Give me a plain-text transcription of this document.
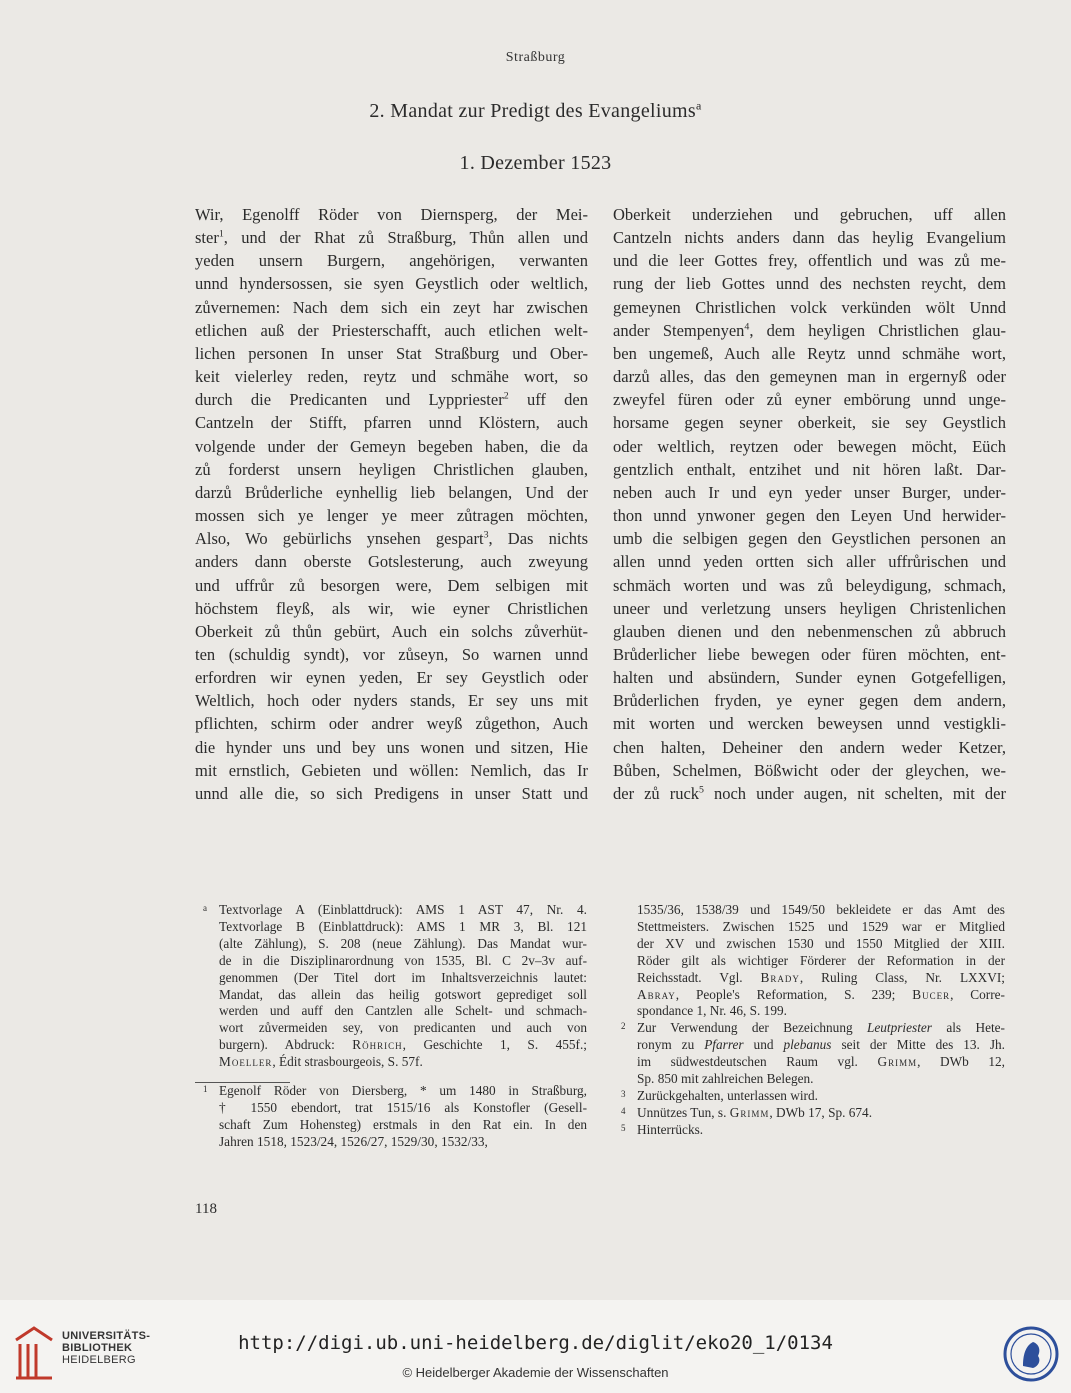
Straßburg
2. Mandat zur Predigt des Evangeliums$^a$
1. Dezember 1523
Wir, Egenolff Röder von Diernsperg, der Mei-
ster$^1$, und der Rhat zů Straßburg, Thůn allen und
yeden unsern Burgern, angehörigen, verwanten
unnd hyndersossen, sie syen Geystlich oder weltlich,
zůvernemen: Nach dem sich ein zeyt har zwischen
etlichen auß der Priesterschafft, auch etlichen welt-
lichen personen In unser Stat Straßburg und Ober-
keit vielerley reden, reytz und schmähe wort, so
durch die Predicanten und Lyppriester$^2$ uff den
Cantzeln der Stifft, pfarren unnd Klöstern, auch
volgende under der Gemeyn begeben haben, die da
zů forderst unsern heyligen Christlichen glauben,
darzů Brůderliche eynhellig lieb belangen, Und der
mossen sich ye lenger ye meer zůtragen möchten,
Also, Wo gebürlichs ynsehen gespart$^3$, Das nichts
anders dann oberste Gotslesterung, auch zweyung
und uffrůr zů besorgen were, Dem selbigen mit
höchstem fleyß, als wir, wie eyner Christlichen
Oberkeit zů thůn gebürt, Auch ein solchs zůverhüt-
ten (schuldig syndt), vor zůseyn, So warnen unnd
erfordren wir eynen yeden, Er sey Geystlich oder
Weltlich, hoch oder nyders stands, Er sey uns mit
pflichten, schirm oder andrer weyß zůgethon, Auch
die hynder uns und bey uns wonen und sitzen, Hie
mit ernstlich, Gebieten und wöllen: Nemlich, das Ir
unnd alle die, so sich Predigens in unser Statt und
Oberkeit underziehen und gebruchen, uff allen
Cantzeln nichts anders dann das heylig Evangelium
und die leer Gottes frey, offentlich und was zů me-
rung der lieb Gottes unnd des nechsten reycht, dem
gemeynen Christlichen volck verkünden wölt Unnd
ander Stempenyen$^4$, dem heyligen Christlichen glau-
ben ungemeß, Auch alle Reytz unnd schmähe wort,
darzů alles, das den gemeynen man in ergernyß oder
zweyfel füren oder zů eyner embörung unnd unge-
horsame gegen seyner oberkeit, sie sey Geystlich
oder weltlich, reytzen oder bewegen möcht, Eüch
gentzlich enthalt, entzihet und nit hören laßt. Dar-
neben auch Ir und eyn yeder unser Burger, under-
thon unnd ynwoner gegen den Leyen Und herwider-
umb die selbigen gegen den Geystlichen personen an
allen unnd yeden ortten sich aller uffrůrischen und
schmäch worten und was zů beleydigung, schmach,
uneer und verletzung unsers heyligen Christenlichen
glauben dienen und den nebenmenschen zů abbruch
Brůderlicher liebe bewegen oder füren möchten, ent-
halten und absündern, Sunder eynen Gotgefelligen,
Brůderlichen fryden, ye eyner gegen dem andern,
mit worten und wercken beweysen unnd vestigkli-
chen halten, Deheiner den andern weder Ketzer,
Bůben, Schelmen, Bößwicht oder der gleychen, we-
der zů ruck$^5$ noch under augen, nit schelten, mit der
a Textvorlage A (Einblattdruck): AMS 1 AST 47, Nr. 4.
Textvorlage B (Einblattdruck): AMS 1 MR 3, Bl. 121
(alte Zählung), S. 208 (neue Zählung). Das Mandat wur-
de in die Disziplinarordnung von 1535, Bl. C 2v–3v auf-
genommen (Der Titel dort im Inhaltsverzeichnis lautet:
Mandat, das allein das heilig gotswort geprediget soll
werden und auff den Cantzlen alle Schelt- und schmach-
wort zůvermeiden sey, von predicanten und auch von
burgern). Abdruck: Röhrich, Geschichte 1, S. 455f.;
Moeller, Édit strasbourgeois, S. 57f.
1 Egenolf Röder von Diersberg, * um 1480 in Straßburg,
† 1550 ebendort, trat 1515/16 als Konstofler (Gesell-
schaft Zum Hohensteg) erstmals in den Rat ein. In den
Jahren 1518, 1523/24, 1526/27, 1529/30, 1532/33,
1535/36, 1538/39 und 1549/50 bekleidete er das Amt des
Stettmeisters. Zwischen 1525 und 1529 war er Mitglied
der XV und zwischen 1530 und 1550 Mitglied der XIII.
Röder gilt als wichtiger Förderer der Reformation in der
Reichsstadt. Vgl. Brady, Ruling Class, Nr. LXXVI;
Abray, People's Reformation, S. 239; Bucer, Corre-
spondance 1, Nr. 46, S. 199.
2 Zur Verwendung der Bezeichnung Leutpriester als Hete-
ronym zu Pfarrer und plebanus seit der Mitte des 13. Jh.
im südwestdeutschen Raum vgl. Grimm, DWb 12,
Sp. 850 mit zahlreichen Belegen.
3 Zurückgehalten, unterlassen wird.
4 Unnützes Tun, s. Grimm, DWb 17, Sp. 674.
5 Hinterrücks.
118
UNIVERSITÄTS-
BIBLIOTHEK
HEIDELBERG
http://digi.ub.uni-heidelberg.de/diglit/eko20_1/0134
© Heidelberger Akademie der Wissenschaften
